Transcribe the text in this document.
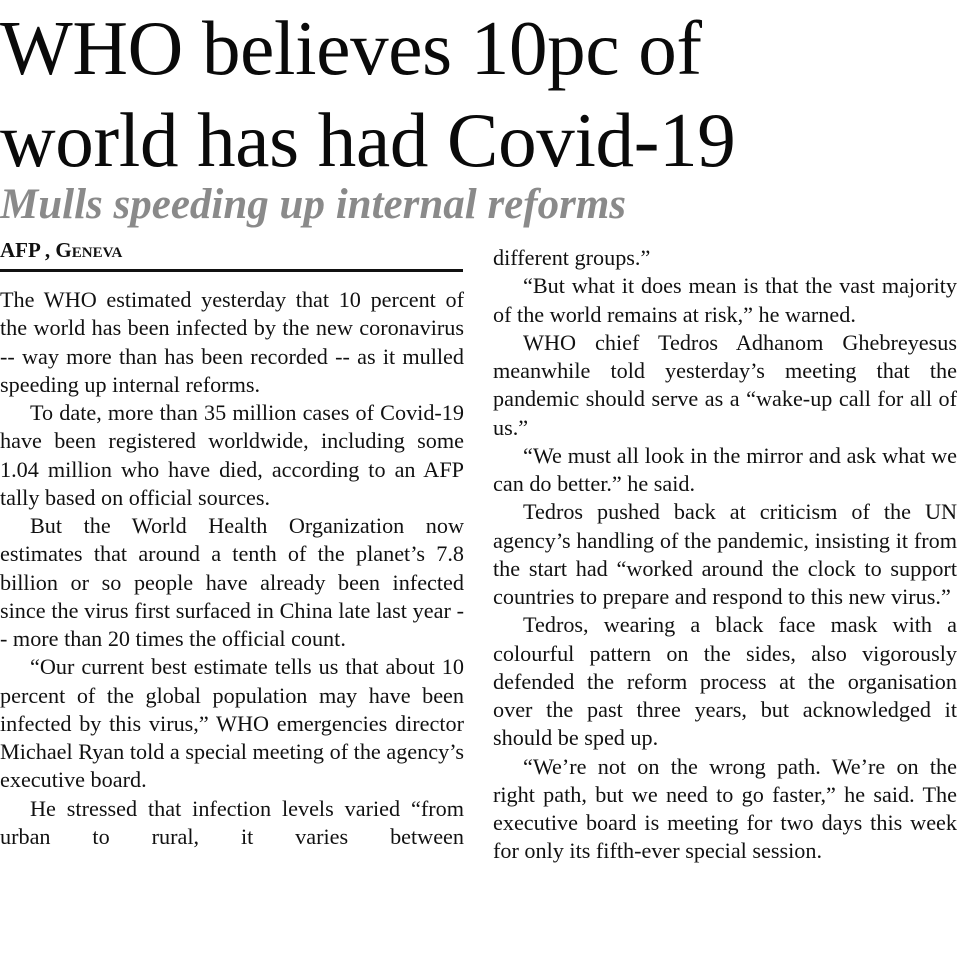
WHO believes 10pc of
world has had Covid-19
Mulls speeding up internal reforms
AFP , Geneva

The WHO estimated yesterday that 10 percent of the world has been infected by the new coronavirus -- way more than has been recorded -- as it mulled speeding up internal reforms.

To date, more than 35 million cases of Covid-19 have been registered worldwide, including some 1.04 million who have died, according to an AFP tally based on official sources.

But the World Health Organization now estimates that around a tenth of the planet’s 7.8 billion or so people have already been infected since the virus first surfaced in China late last year -- more than 20 times the official count.

“Our current best estimate tells us that about 10 percent of the global population may have been infected by this virus,” WHO emergencies director Michael Ryan told a special meeting of the agency’s executive board.

He stressed that infection levels varied “from urban to rural, it varies between

different groups.”

“But what it does mean is that the vast majority of the world remains at risk,” he warned.

WHO chief Tedros Adhanom Ghebreyesus meanwhile told yesterday’s meeting that the pandemic should serve as a “wake-up call for all of us.”

“We must all look in the mirror and ask what we can do better.” he said.

Tedros pushed back at criticism of the UN agency’s handling of the pandemic, insisting it from the start had “worked around the clock to support countries to prepare and respond to this new virus.”

Tedros, wearing a black face mask with a colourful pattern on the sides, also vigorously defended the reform process at the organisation over the past three years, but acknowledged it should be sped up.

“We’re not on the wrong path. We’re on the right path, but we need to go faster,” he said. The executive board is meeting for two days this week for only its fifth-ever special session.
